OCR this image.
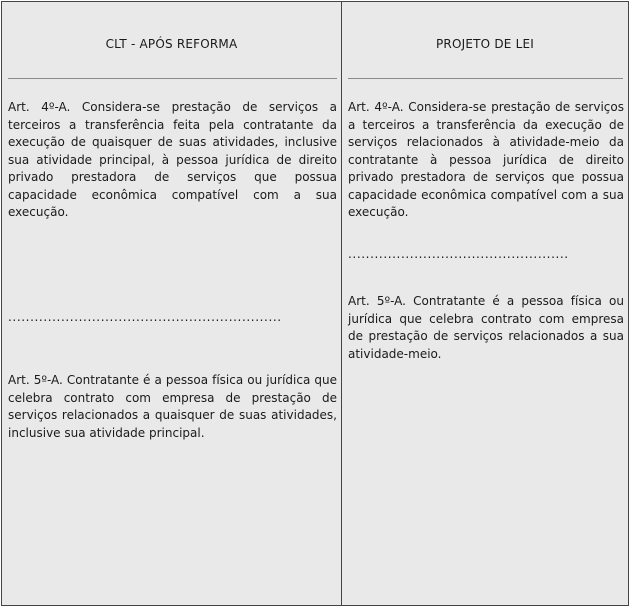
CLT - APÓS REFORMA

Art. 4º-A. Considera-se prestação de serviços a terceiros a transferência feita pela contratante da execução de quaisquer de suas atividades, inclusive sua atividade principal, à pessoa jurídica de direito privado prestadora de serviços que possua capacidade econômica compatível com a sua execução.

..............................................................

Art. 5º-A. Contratante é a pessoa física ou jurídica que celebra contrato com empresa de prestação de serviços relacionados a quaisquer de suas atividades, inclusive sua atividade principal.

PROJETO DE LEI

Art. 4º-A. Considera-se prestação de serviços a terceiros a transferência da execução de serviços relacionados à atividade-meio da contratante à pessoa jurídica de direito privado prestadora de serviços que possua capacidade econômica compatível com a sua execução.

..................................................

Art. 5º-A. Contratante é a pessoa física ou jurídica que celebra contrato com empresa de prestação de serviços relacionados a sua atividade-meio.
